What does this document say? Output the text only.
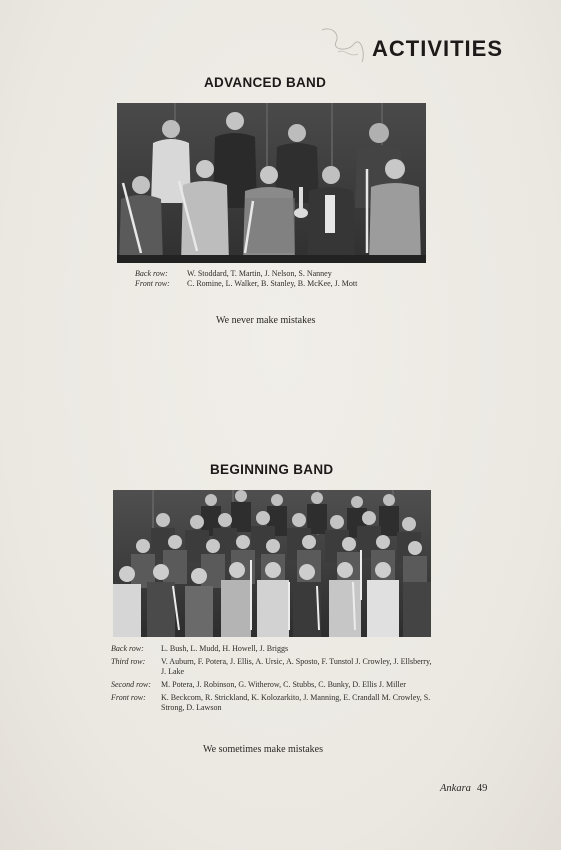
ACTIVITIES
ADVANCED BAND
Back row:	W. Stoddard, T. Martin, J. Nelson, S. Nanney
Front row:	C. Romine, L. Walker, B. Stanley, B. McKee, J. Mott
We never make mistakes
BEGINNING BAND
Back row:	L. Bush, L. Mudd, H. Howell, J. Briggs
Third row:	V. Auburn, F. Potera, J. Ellis, A. Ursic, A. Sposto, F. Tunstol J. Crowley, J. Ellsberry, J. Lake
Second row:	M. Potera, J. Robinson, G. Witherow, C. Stubbs, C. Bunky, D. Ellis J. Miller
Front row:	K. Beckcom, R. Strickland, K. Kolozarkito, J. Manning, E. Crandall M. Crowley, S. Strong, D. Lawson
We sometimes make mistakes
Ankara 49
